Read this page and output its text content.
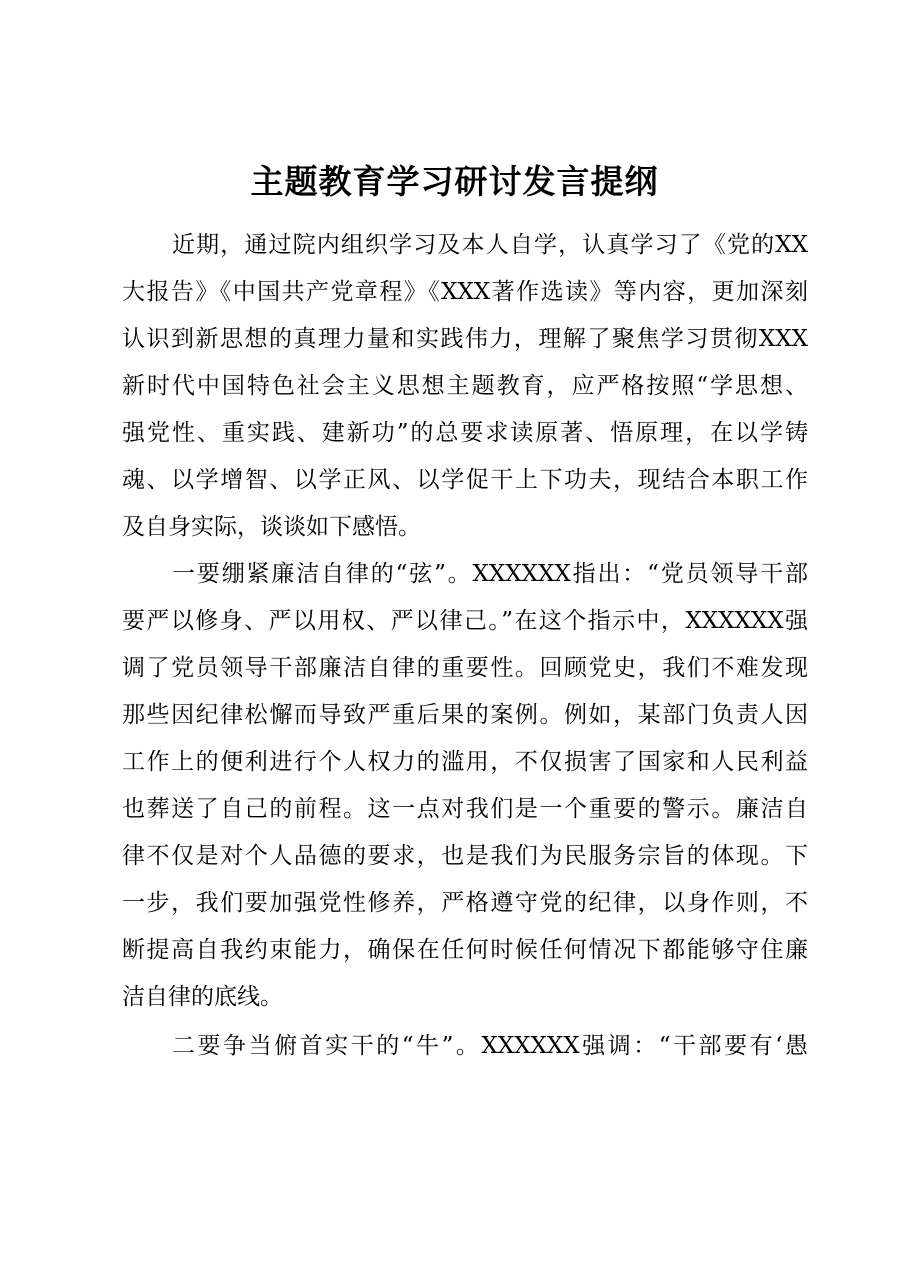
主题教育学习研讨发言提纲
近期，通过院内组织学习及本人自学，认真学习了《党的XX
大报告》《中国共产党章程》《XXX著作选读》等内容，更加深刻
认识到新思想的真理力量和实践伟力，理解了聚焦学习贯彻XXX
新时代中国特色社会主义思想主题教育，应严格按照“学思想、
强党性、重实践、建新功”的总要求读原著、悟原理，在以学铸
魂、以学增智、以学正风、以学促干上下功夫，现结合本职工作
及自身实际，谈谈如下感悟。
一要绷紧廉洁自律的“弦”。XXXXXX指出：“党员领导干部
要严以修身、严以用权、严以律己。”在这个指示中，XXXXXX强
调了党员领导干部廉洁自律的重要性。回顾党史，我们不难发现
那些因纪律松懈而导致严重后果的案例。例如，某部门负责人因
工作上的便利进行个人权力的滥用，不仅损害了国家和人民利益
也葬送了自己的前程。这一点对我们是一个重要的警示。廉洁自
律不仅是对个人品德的要求，也是我们为民服务宗旨的体现。下
一步，我们要加强党性修养，严格遵守党的纪律，以身作则，不
断提高自我约束能力，确保在任何时候任何情况下都能够守住廉
洁自律的底线。
二要争当俯首实干的“牛”。XXXXXX强调：“干部要有‘愚
